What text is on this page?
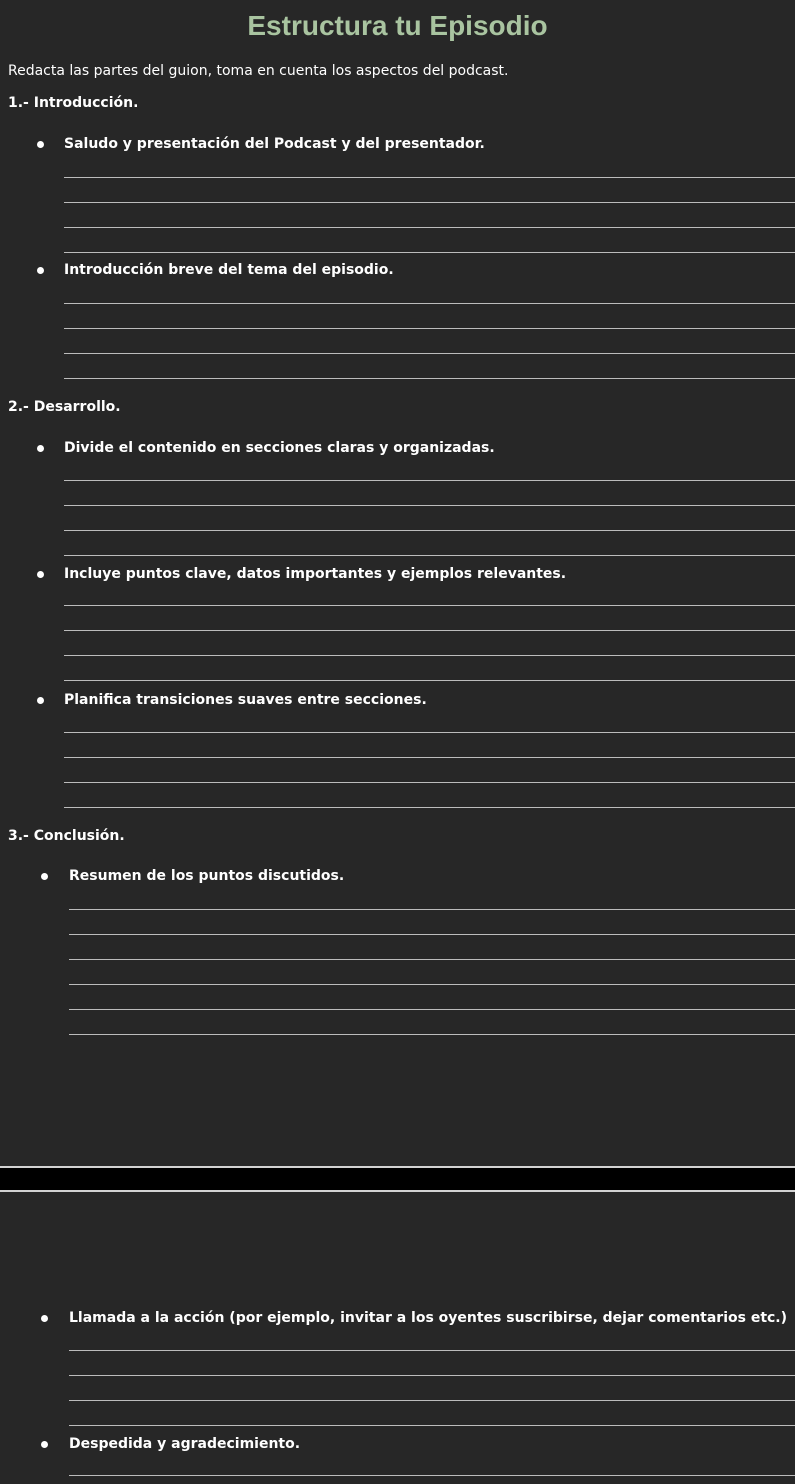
Estructura tu Episodio
Redacta las partes del guion, toma en cuenta los aspectos del podcast.
1.- Introducción.
Saludo y presentación del Podcast y del presentador.
Introducción breve del tema del episodio.
2.- Desarrollo.
Divide el contenido en secciones claras y organizadas.
Incluye puntos clave, datos importantes y ejemplos relevantes.
Planifica transiciones suaves entre secciones.
3.- Conclusión.
Resumen de los puntos discutidos.
Llamada a la acción (por ejemplo, invitar a los oyentes suscribirse, dejar comentarios etc.)
Despedida y agradecimiento.
